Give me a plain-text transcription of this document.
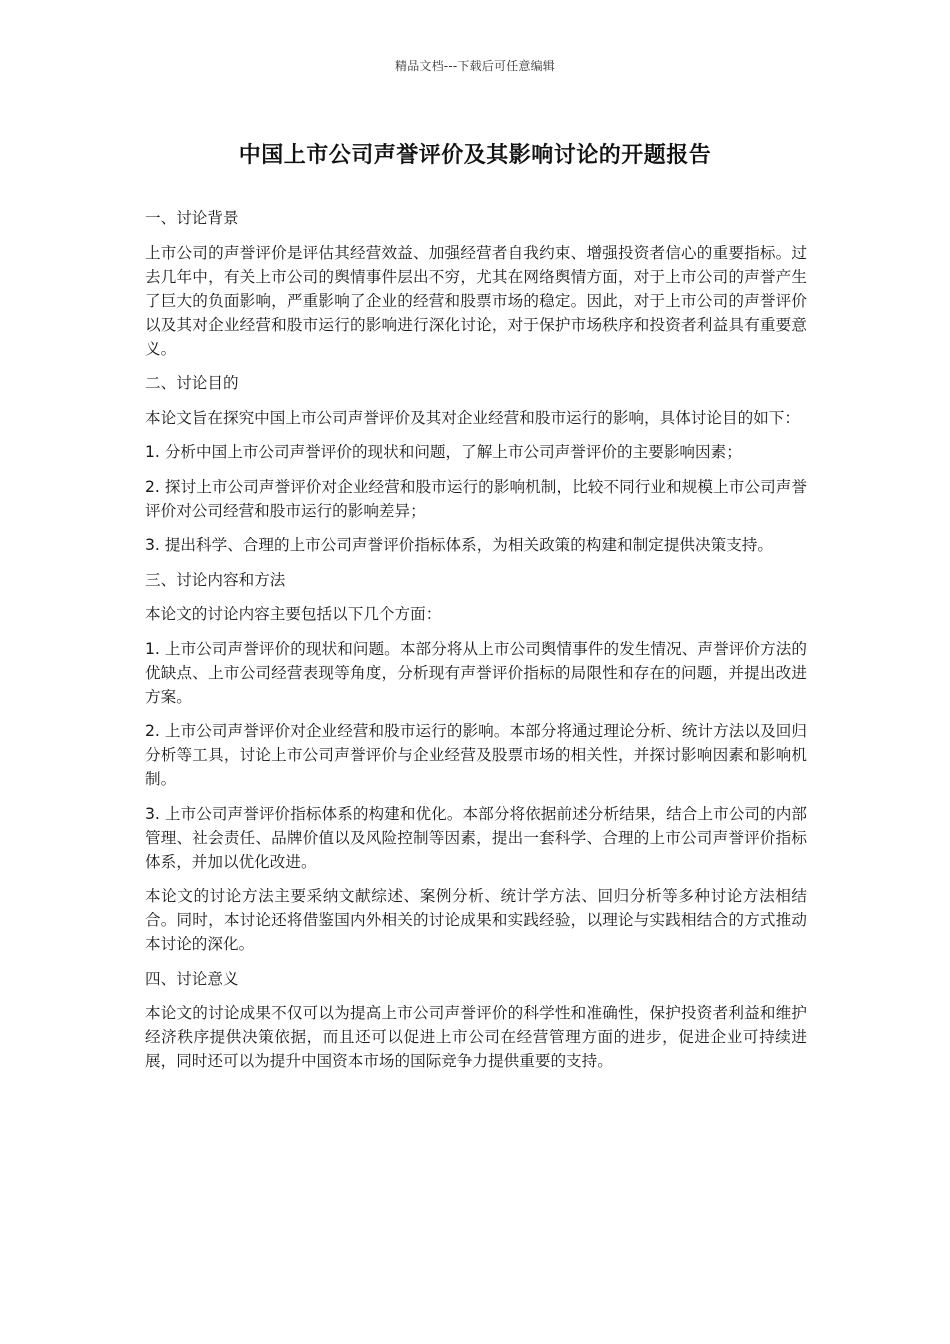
精品文档---下载后可任意编辑
中国上市公司声誉评价及其影响讨论的开题报告

一、讨论背景

上市公司的声誉评价是评估其经营效益、加强经营者自我约束、增强投资者信心的重要指标。过去几年中，有关上市公司的舆情事件层出不穷，尤其在网络舆情方面，对于上市公司的声誉产生了巨大的负面影响，严重影响了企业的经营和股票市场的稳定。因此，对于上市公司的声誉评价以及其对企业经营和股市运行的影响进行深化讨论，对于保护市场秩序和投资者利益具有重要意义。

二、讨论目的

本论文旨在探究中国上市公司声誉评价及其对企业经营和股市运行的影响，具体讨论目的如下：

1. 分析中国上市公司声誉评价的现状和问题，了解上市公司声誉评价的主要影响因素；

2. 探讨上市公司声誉评价对企业经营和股市运行的影响机制，比较不同行业和规模上市公司声誉评价对公司经营和股市运行的影响差异；

3. 提出科学、合理的上市公司声誉评价指标体系，为相关政策的构建和制定提供决策支持。

三、讨论内容和方法

本论文的讨论内容主要包括以下几个方面：

1. 上市公司声誉评价的现状和问题。本部分将从上市公司舆情事件的发生情况、声誉评价方法的优缺点、上市公司经营表现等角度，分析现有声誉评价指标的局限性和存在的问题，并提出改进方案。

2. 上市公司声誉评价对企业经营和股市运行的影响。本部分将通过理论分析、统计方法以及回归分析等工具，讨论上市公司声誉评价与企业经营及股票市场的相关性，并探讨影响因素和影响机制。

3. 上市公司声誉评价指标体系的构建和优化。本部分将依据前述分析结果，结合上市公司的内部管理、社会责任、品牌价值以及风险控制等因素，提出一套科学、合理的上市公司声誉评价指标体系，并加以优化改进。

本论文的讨论方法主要采纳文献综述、案例分析、统计学方法、回归分析等多种讨论方法相结合。同时，本讨论还将借鉴国内外相关的讨论成果和实践经验，以理论与实践相结合的方式推动本讨论的深化。

四、讨论意义

本论文的讨论成果不仅可以为提高上市公司声誉评价的科学性和准确性，保护投资者利益和维护经济秩序提供决策依据，而且还可以促进上市公司在经营管理方面的进步，促进企业可持续进展，同时还可以为提升中国资本市场的国际竞争力提供重要的支持。
